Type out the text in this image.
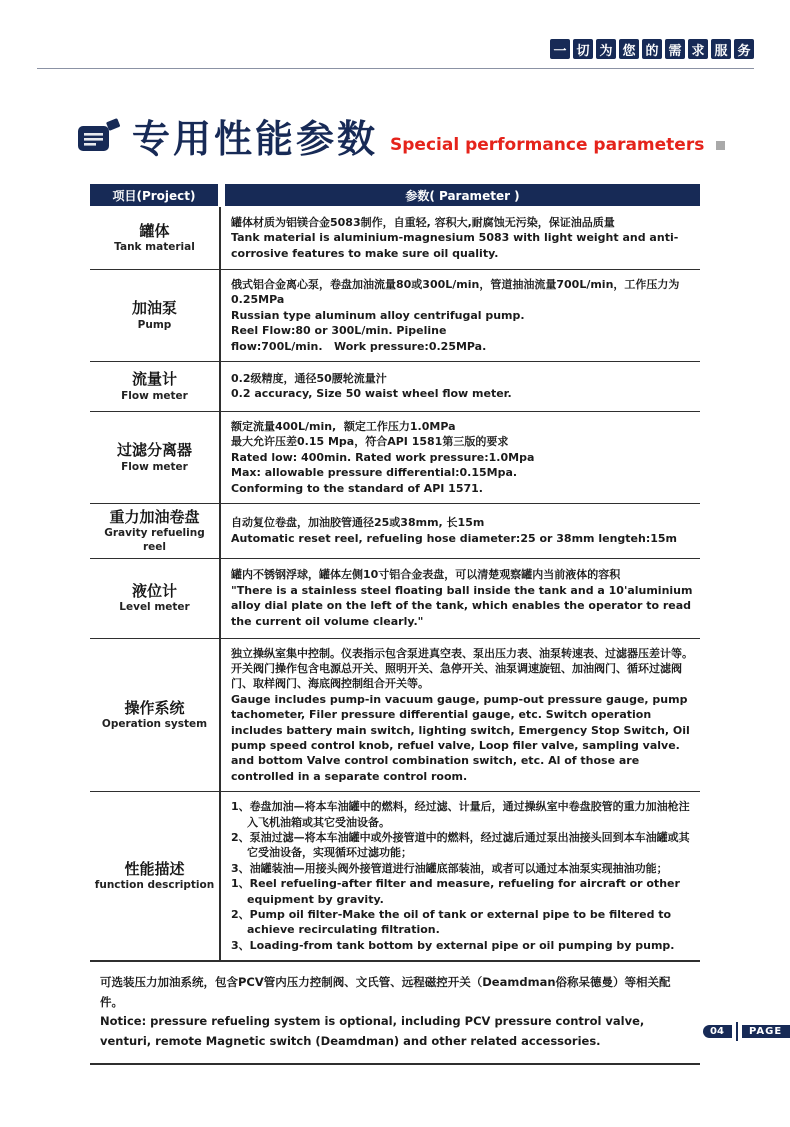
一 切 为 您 的 需 求 服 务
专用性能参数 Special performance parameters
项目(Project)	参数( Parameter )
罐体
Tank material
罐体材质为铝镁合金5083制作，自重轻, 容积大,耐腐蚀无污染，保证油品质量
Tank material is aluminium-magnesium 5083 with light weight and anti-corrosive features to make sure oil quality.
加油泵
Pump
俄式铝合金离心泵，卷盘加油流量80或300L/min，管道抽油流量700L/min，工作压力为0.25MPa
Russian type aluminum alloy centrifugal pump.
Reel Flow:80 or 300L/min. Pipeline
flow:700L/min.   Work pressure:0.25MPa.
流量计
Flow meter
0.2级精度，通径50腰轮流量汁
0.2 accuracy, Size 50 waist wheel flow meter.
过滤分离器
Flow meter
额定流量400L/min,  额定工作压力1.0MPa
最大允许压差0.15 Mpa，符合API 1581第三版的要求
Rated low: 400min. Rated work pressure:1.0Mpa
Max: allowable pressure differential:0.15Mpa.
Conforming to the standard of API 1571.
重力加油卷盘
Gravity refueling reel
自动复位卷盘，加油胶管通径25或38mm, 长15m
Automatic reset reel, refueling hose diameter:25 or 38mm lengteh:15m
液位计
Level meter
罐内不锈钢浮球，罐体左侧10寸铝合金表盘，可以清楚观察罐内当前液体的容积
"There is a stainless steel floating ball inside the tank and a 10'aluminium alloy dial plate on the left of the tank, which enables the operator to read the current oil volume clearly."
操作系统
Operation system
独立操纵室集中控制。仪表指示包含泵进真空表、泵出压力表、油泵转速表、过滤器压差计等。开关阀门操作包含电源总开关、照明开关、急停开关、油泵调速旋钮、加油阀门、循环过滤阀门、取样阀门、海底阀控制组合开关等。
Gauge includes pump-in vacuum gauge, pump-out pressure gauge, pump tachometer, Filer pressure differential gauge, etc. Switch operation includes battery main switch, lighting switch, Emergency Stop Switch, Oil pump speed control knob, refuel valve, Loop filer valve, sampling valve. and bottom Valve control combination switch, etc. Al of those are controlled in a separate control room.
性能描述
function description
1、卷盘加油—将本车油罐中的燃料，经过滤、计量后，通过操纵室中卷盘胶管的重力加油枪注入飞机油箱或其它受油设备。
2、泵油过滤—将本车油罐中或外接管道中的燃料，经过滤后通过泵出油接头回到本车油罐或其它受油设备，实现循环过滤功能；
3、油罐装油—用接头阀外接管道进行油罐底部装油，或者可以通过本油泵实现抽油功能；
1、Reel refueling-after filter and measure, refueling for aircraft or other equipment by gravity.
2、Pump oil filter-Make the oil of tank or external pipe to be filtered to achieve recirculating filtration.
3、Loading-from tank bottom by external pipe or oil pumping by pump.
可选装压力加油系统，包含PCV管内压力控制阀、文氏管、远程磁控开关（Deamdman俗称呆德曼）等相关配件。
Notice: pressure refueling system is optional, including PCV pressure control valve, venturi, remote Magnetic switch (Deamdman) and other related accessories.
04	PAGE
